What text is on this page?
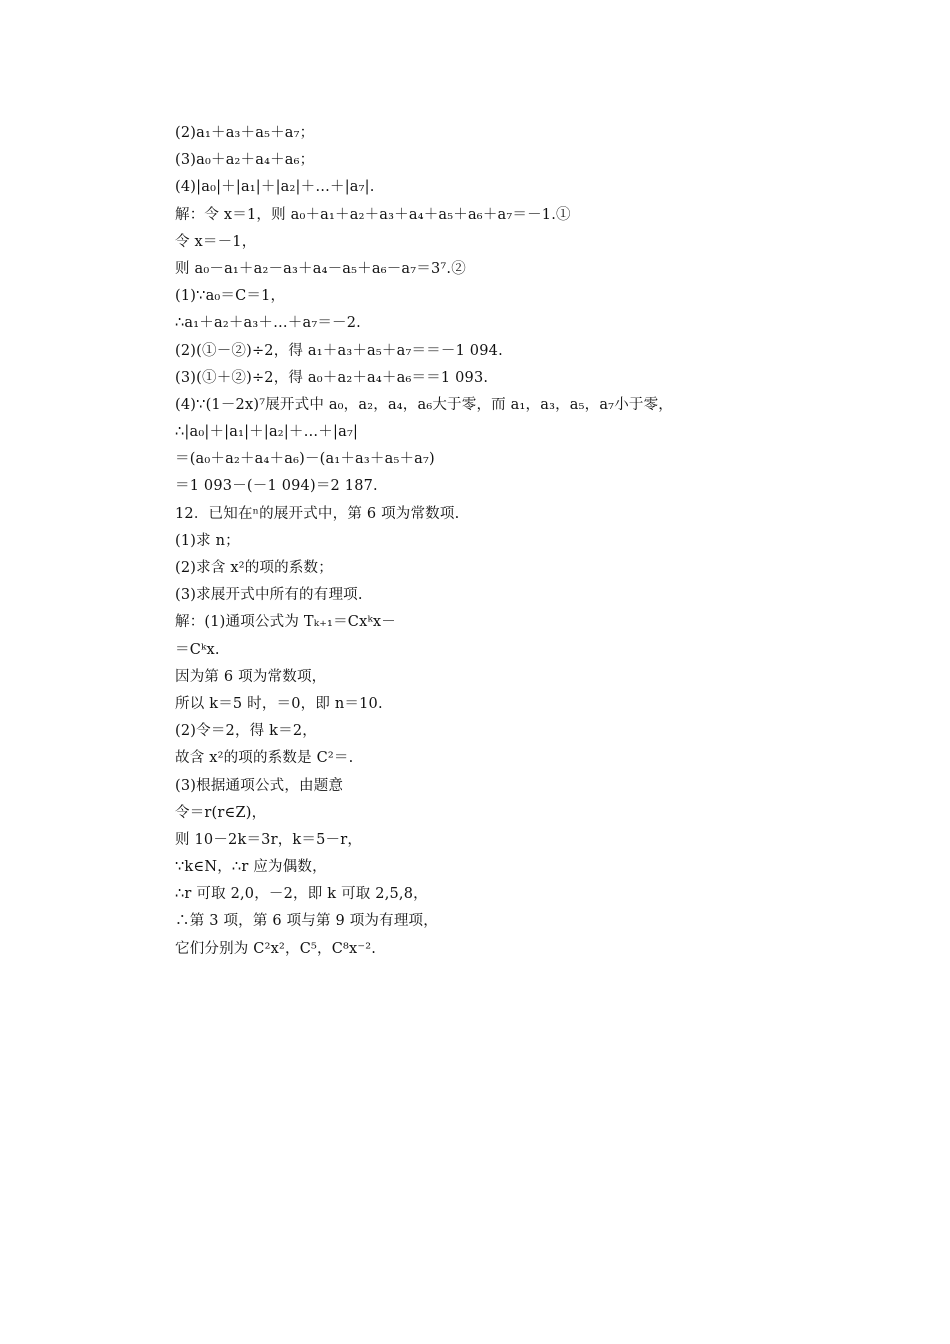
(2)a₁＋a₃＋a₅＋a₇；
(3)a₀＋a₂＋a₄＋a₆；
(4)|a₀|＋|a₁|＋|a₂|＋…＋|a₇|.
解：令 x＝1，则 a₀＋a₁＋a₂＋a₃＋a₄＋a₅＋a₆＋a₇＝－1.①
令 x＝－1，
则 a₀－a₁＋a₂－a₃＋a₄－a₅＋a₆－a₇＝3⁷.②
(1)∵a₀＝C＝1，
∴a₁＋a₂＋a₃＋…＋a₇＝－2.
(2)(①－②)÷2，得 a₁＋a₃＋a₅＋a₇＝＝－1 094.
(3)(①＋②)÷2，得 a₀＋a₂＋a₄＋a₆＝＝1 093.
(4)∵(1－2x)⁷展开式中 a₀，a₂，a₄，a₆大于零，而 a₁，a₃，a₅，a₇小于零，
∴|a₀|＋|a₁|＋|a₂|＋…＋|a₇|
＝(a₀＋a₂＋a₄＋a₆)－(a₁＋a₃＋a₅＋a₇)
＝1 093－(－1 094)＝2 187.
12．已知在ⁿ的展开式中，第 6 项为常数项.
(1)求 n；
(2)求含 x²的项的系数；
(3)求展开式中所有的有理项.
解：(1)通项公式为 Tₖ₊₁＝Cxᵏx－
＝Cᵏx.
因为第 6 项为常数项，
所以 k＝5 时，＝0，即 n＝10.
(2)令＝2，得 k＝2，
故含 x²的项的系数是 C²＝.
(3)根据通项公式，由题意
令＝r(r∈Z)，
则 10－2k＝3r，k＝5－r，
∵k∈N，∴r 应为偶数，
∴r 可取 2,0，－2，即 k 可取 2,5,8，
∴第 3 项，第 6 项与第 9 项为有理项，
它们分别为 C²x²，C⁵，C⁸x⁻².
